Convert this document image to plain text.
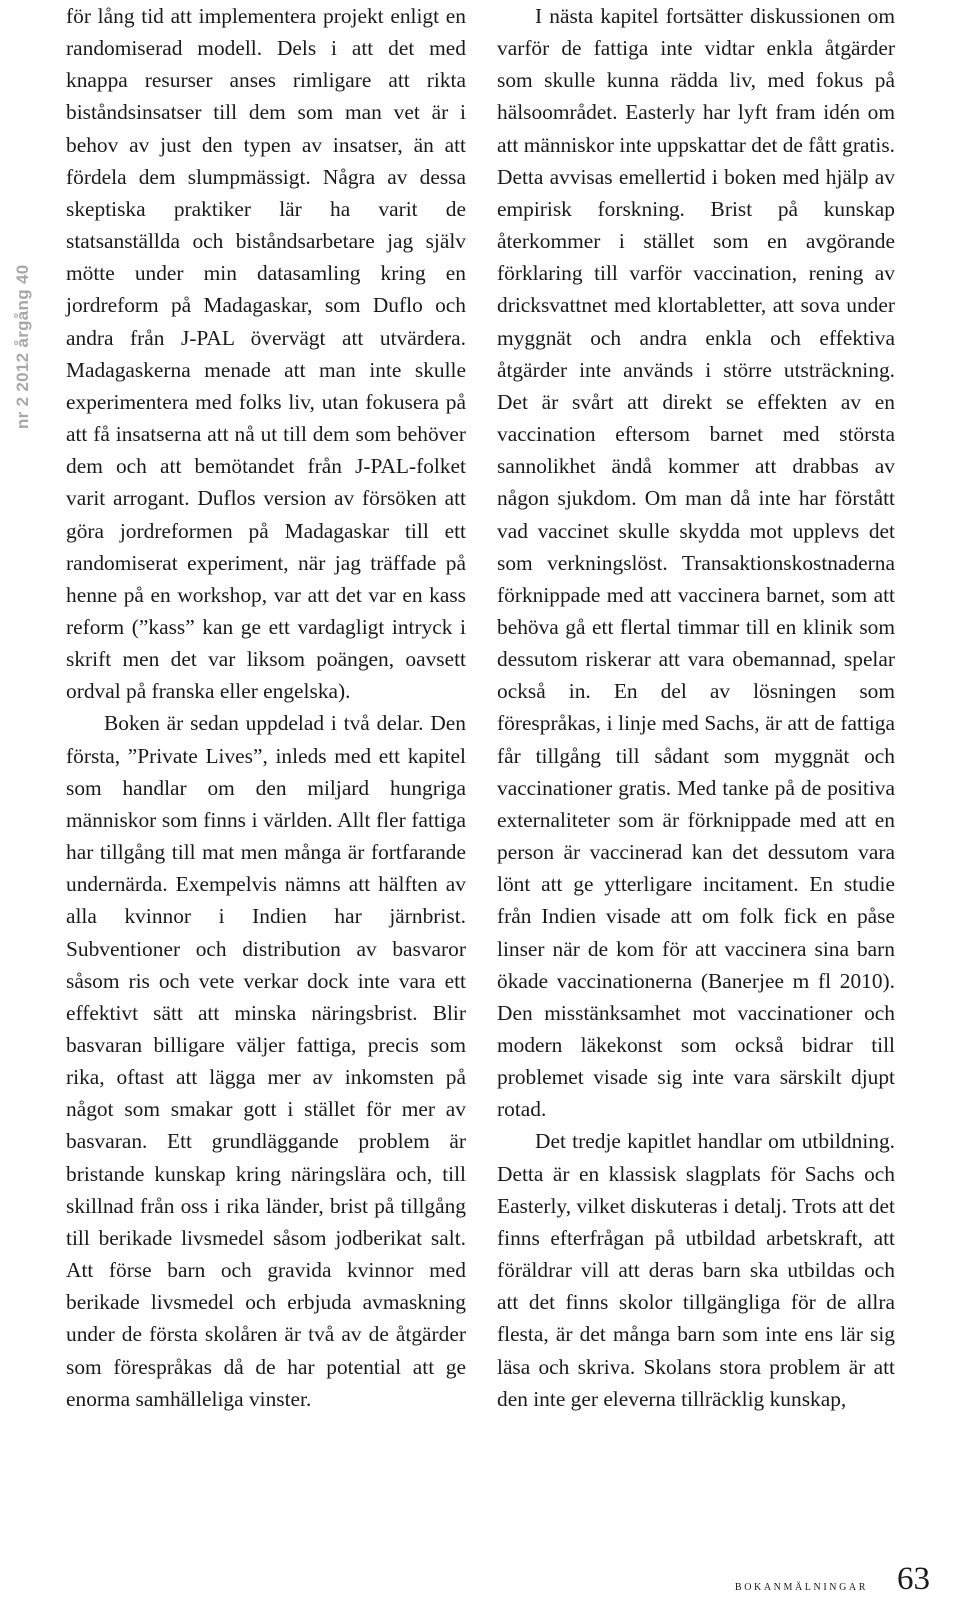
nr 2 2012 årgång 40

för lång tid att implementera projekt enligt en randomiserad modell. Dels i att det med knappa resurser anses rimligare att rikta biståndsinsatser till dem som man vet är i behov av just den typen av insatser, än att fördela dem slumpmässigt. Några av dessa skeptiska praktiker lär ha varit de statsanställda och biståndsarbetare jag själv mötte under min datasamling kring en jordreform på Madagaskar, som Duflo och andra från J-PAL övervägt att utvärdera. Madagaskerna menade att man inte skulle experimentera med folks liv, utan fokusera på att få insatserna att nå ut till dem som behöver dem och att bemötandet från J-PAL-folket varit arrogant. Duflos version av försöken att göra jordreformen på Madagaskar till ett randomiserat experiment, när jag träffade på henne på en workshop, var att det var en kass reform (”kass” kan ge ett vardagligt intryck i skrift men det var liksom poängen, oavsett ordval på franska eller engelska).

Boken är sedan uppdelad i två delar. Den första, ”Private Lives”, inleds med ett kapitel som handlar om den miljard hungriga människor som finns i världen. Allt fler fattiga har tillgång till mat men många är fortfarande undernärda. Exempelvis nämns att hälften av alla kvinnor i Indien har järnbrist. Subventioner och distribution av basvaror såsom ris och vete verkar dock inte vara ett effektivt sätt att minska näringsbrist. Blir basvaran billigare väljer fattiga, precis som rika, oftast att lägga mer av inkomsten på något som smakar gott i stället för mer av basvaran. Ett grundläggande problem är bristande kunskap kring näringslära och, till skillnad från oss i rika länder, brist på tillgång till berikade livsmedel såsom jodberikat salt. Att förse barn och gravida kvinnor med berikade livsmedel och erbjuda avmaskning under de första skolåren är två av de åtgärder som förespråkas då de har potential att ge enorma samhälleliga vinster.

I nästa kapitel fortsätter diskussionen om varför de fattiga inte vidtar enkla åtgärder som skulle kunna rädda liv, med fokus på hälsoområdet. Easterly har lyft fram idén om att människor inte uppskattar det de fått gratis. Detta avvisas emellertid i boken med hjälp av empirisk forskning. Brist på kunskap återkommer i stället som en avgörande förklaring till varför vaccination, rening av dricksvattnet med klortabletter, att sova under myggnät och andra enkla och effektiva åtgärder inte används i större utsträckning. Det är svårt att direkt se effekten av en vaccination eftersom barnet med största sannolikhet ändå kommer att drabbas av någon sjukdom. Om man då inte har förstått vad vaccinet skulle skydda mot upplevs det som verkningslöst. Transaktionskostnaderna förknippade med att vaccinera barnet, som att behöva gå ett flertal timmar till en klinik som dessutom riskerar att vara obemannad, spelar också in. En del av lösningen som förespråkas, i linje med Sachs, är att de fattiga får tillgång till sådant som myggnät och vaccinationer gratis. Med tanke på de positiva externaliteter som är förknippade med att en person är vaccinerad kan det dessutom vara lönt att ge ytterligare incitament. En studie från Indien visade att om folk fick en påse linser när de kom för att vaccinera sina barn ökade vaccinationerna (Banerjee m fl 2010). Den misstänksamhet mot vaccinationer och modern läkekonst som också bidrar till problemet visade sig inte vara särskilt djupt rotad.

Det tredje kapitlet handlar om utbildning. Detta är en klassisk slagplats för Sachs och Easterly, vilket diskuteras i detalj. Trots att det finns efterfrågan på utbildad arbetskraft, att föräldrar vill att deras barn ska utbildas och att det finns skolor tillgängliga för de allra flesta, är det många barn som inte ens lär sig läsa och skriva. Skolans stora problem är att den inte ger eleverna tillräcklig kunskap,

bokanmälningar 63
